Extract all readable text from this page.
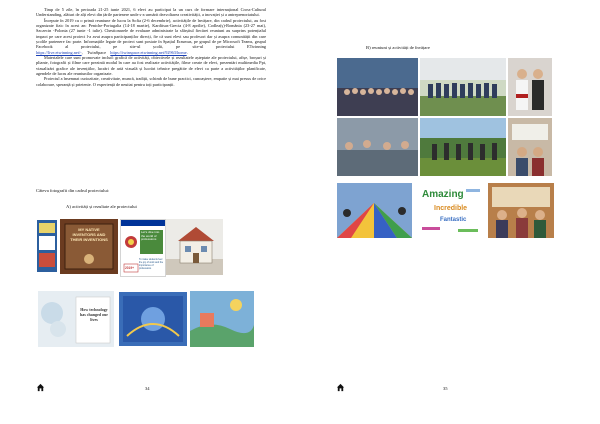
Timp de 5 zile, în perioada 21-25 iunie 2021, 6 elevi au participat la un curs de formare internațional Cross-Cultural Understanding, alături de alți elevi din țările partenere unde s-a urmărit dezvoltarea creativității, a inovației și a antreprenoriatului.

Începute în 2019 cu o primă reuniune de lucru la Sofia (2-6 decembrie), activitățile de învățare, din cadrul proiectului, au fost organizate fizic în acest an: Peniche-Portugalia (14-18 martie), Karditsas-Grecia (4-8 aprilie), Codlea(ș)-România (23-27 mai), Szczecin -Polonia (27 iunie -1 iulie). Chestionarele de evaluare administrate la sfârșitul fiecărei reuniuni au surprins potențialul impact pe care acest proiect l-a avut asupra participanților direcți, fie că sunt elevi sau profesori dar și asupra comunității din care școlile partenere fac parte. Informațiile legate de proiect sunt postate în Spațiul Erasmus, pe grupul de pe Microsoft Teams, grupul Facebook al proiectului, pe site-ul școlii, pe site-ul proiectului ETwinning https://live.etwinning.net/-,    TwinSpace https://twinspace.etwinning.net/92963/home.

Materialele care sunt promovate includ: grafică de activități, obiectivele și rezultatele așteptate ale proiectului, afișe, broșuri și pliante, fotografii și filme care prezintă modul în care au fost realizate activitățile, filme create de elevi, prezentări multimedia Ppt, vizualizări grafice ale invențiilor, lucrări de artă vizuală și lucrări tehnice pregătite de elevi ca parte a activităților planificate, agendele de lucru ale reuniunilor organizate.

Proiectul a însemnat curiozitate, creativitate, muncă, tradiții, schimb de bune practici, cunoaștere, empatie și mai presus de orice colaborare, speranță și prietenie. O experiență de neuitat pentru toți participanții.

Câteva fotografii din cadrul proiectului:
A) activități și rezultate ale proiectului
MY NATIVE INVENTORS AND THEIR INVENTIONS
Let's dive into the world of professions
To make students feel the joy of work and the importance of professions
2019+
How technology has changed our lives
34
B) reuniuni și activități de învățare
Amazing
Incredible
Fantastic
35
